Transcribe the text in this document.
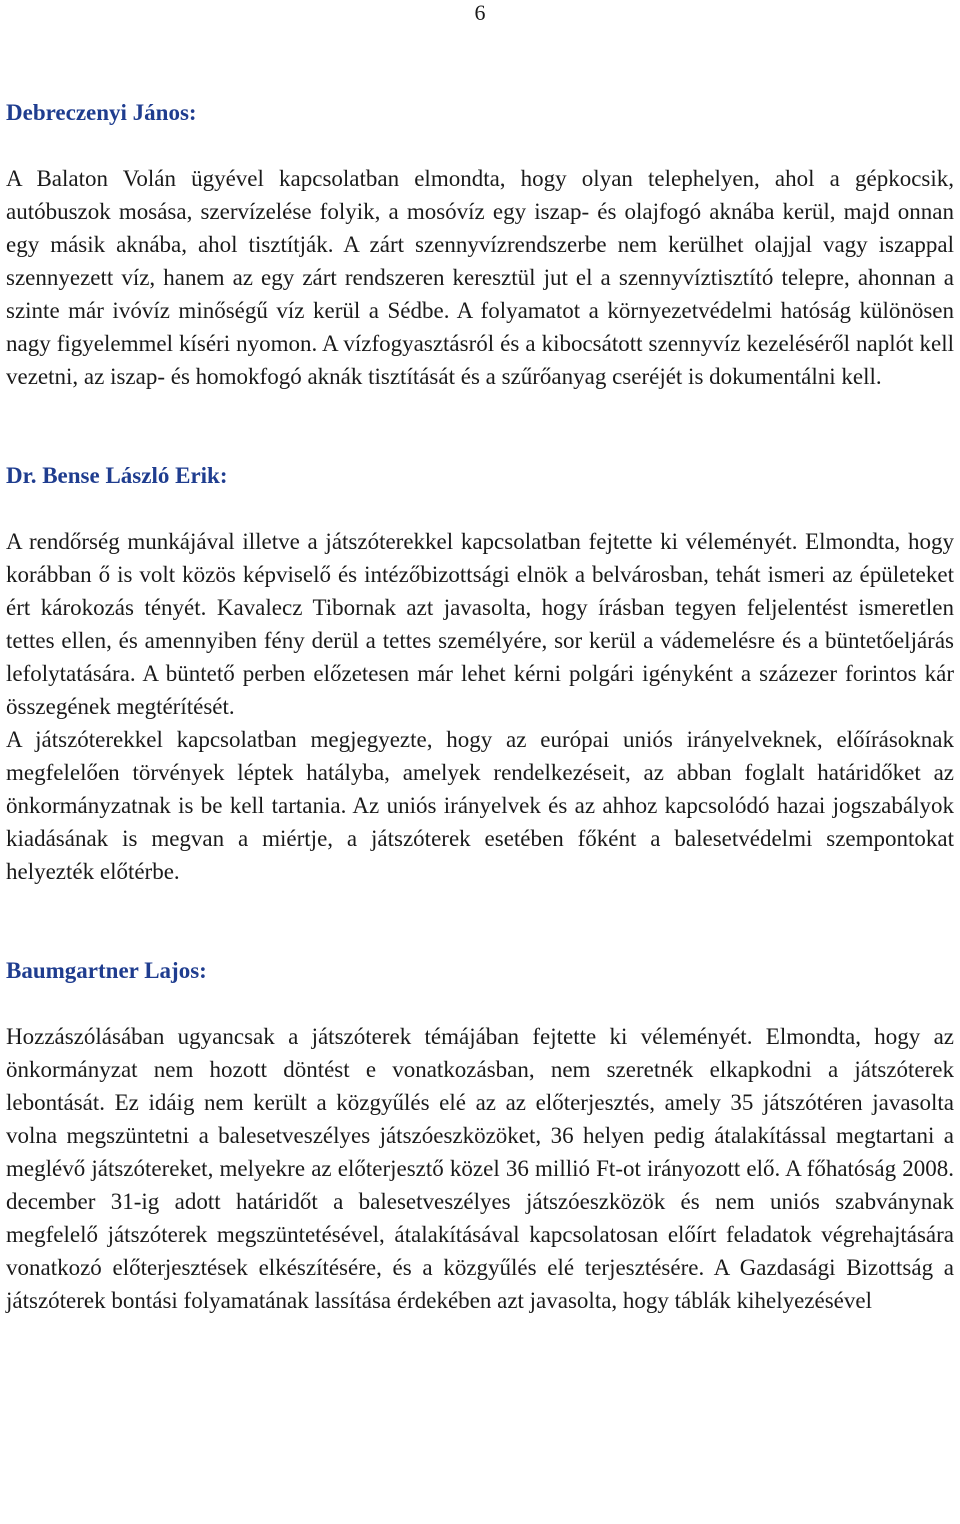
6
Debreczenyi János:

A Balaton Volán ügyével kapcsolatban elmondta, hogy olyan telephelyen, ahol a gépkocsik, autóbuszok mosása, szervízelése folyik, a mosóvíz egy iszap- és olajfogó aknába kerül, majd onnan egy másik aknába, ahol tisztítják. A zárt szennyvízrendszerbe nem kerülhet olajjal vagy iszappal szennyezett víz, hanem az egy zárt rendszeren keresztül jut el a szennyvíztisztító telepre, ahonnan a szinte már ivóvíz minőségű víz kerül a Sédbe. A folyamatot a környezetvédelmi hatóság különösen nagy figyelemmel kíséri nyomon. A vízfogyasztásról és a kibocsátott szennyvíz kezeléséről naplót kell vezetni, az iszap- és homokfogó aknák tisztítását és a szűrőanyag cseréjét is dokumentálni kell.

Dr. Bense László Erik:

A rendőrség munkájával illetve a játszóterekkel kapcsolatban fejtette ki véleményét. Elmondta, hogy korábban ő is volt közös képviselő és intézőbizottsági elnök a belvárosban, tehát ismeri az épületeket ért károkozás tényét. Kavalecz Tibornak azt javasolta, hogy írásban tegyen feljelentést ismeretlen tettes ellen, és amennyiben fény derül a tettes személyére, sor kerül a vádemelésre és a büntetőeljárás lefolytatására. A büntető perben előzetesen már lehet kérni polgári igényként a százezer forintos kár összegének megtérítését.

A játszóterekkel kapcsolatban megjegyezte, hogy az európai uniós irányelveknek, előírásoknak megfelelően törvények léptek hatályba, amelyek rendelkezéseit, az abban foglalt határidőket az önkormányzatnak is be kell tartania. Az uniós irányelvek és az ahhoz kapcsolódó hazai jogszabályok kiadásának is megvan a miértje, a játszóterek esetében főként a balesetvédelmi szempontokat helyezték előtérbe.

Baumgartner Lajos:

Hozzászólásában ugyancsak a játszóterek témájában fejtette ki véleményét. Elmondta, hogy az önkormányzat nem hozott döntést e vonatkozásban, nem szeretnék elkapkodni a játszóterek lebontását. Ez idáig nem került a közgyűlés elé az az előterjesztés, amely 35 játszótéren javasolta volna megszüntetni a balesetveszélyes játszóeszközöket, 36 helyen pedig átalakítással megtartani a meglévő játszótereket, melyekre az előterjesztő közel 36 millió Ft-ot irányozott elő. A főhatóság 2008. december 31-ig adott határidőt a balesetveszélyes játszóeszközök és nem uniós szabványnak megfelelő játszóterek megszüntetésével, átalakításával kapcsolatosan előírt feladatok végrehajtására vonatkozó előterjesztések elkészítésére, és a közgyűlés elé terjesztésére. A Gazdasági Bizottság a játszóterek bontási folyamatának lassítása érdekében azt javasolta, hogy táblák kihelyezésével
